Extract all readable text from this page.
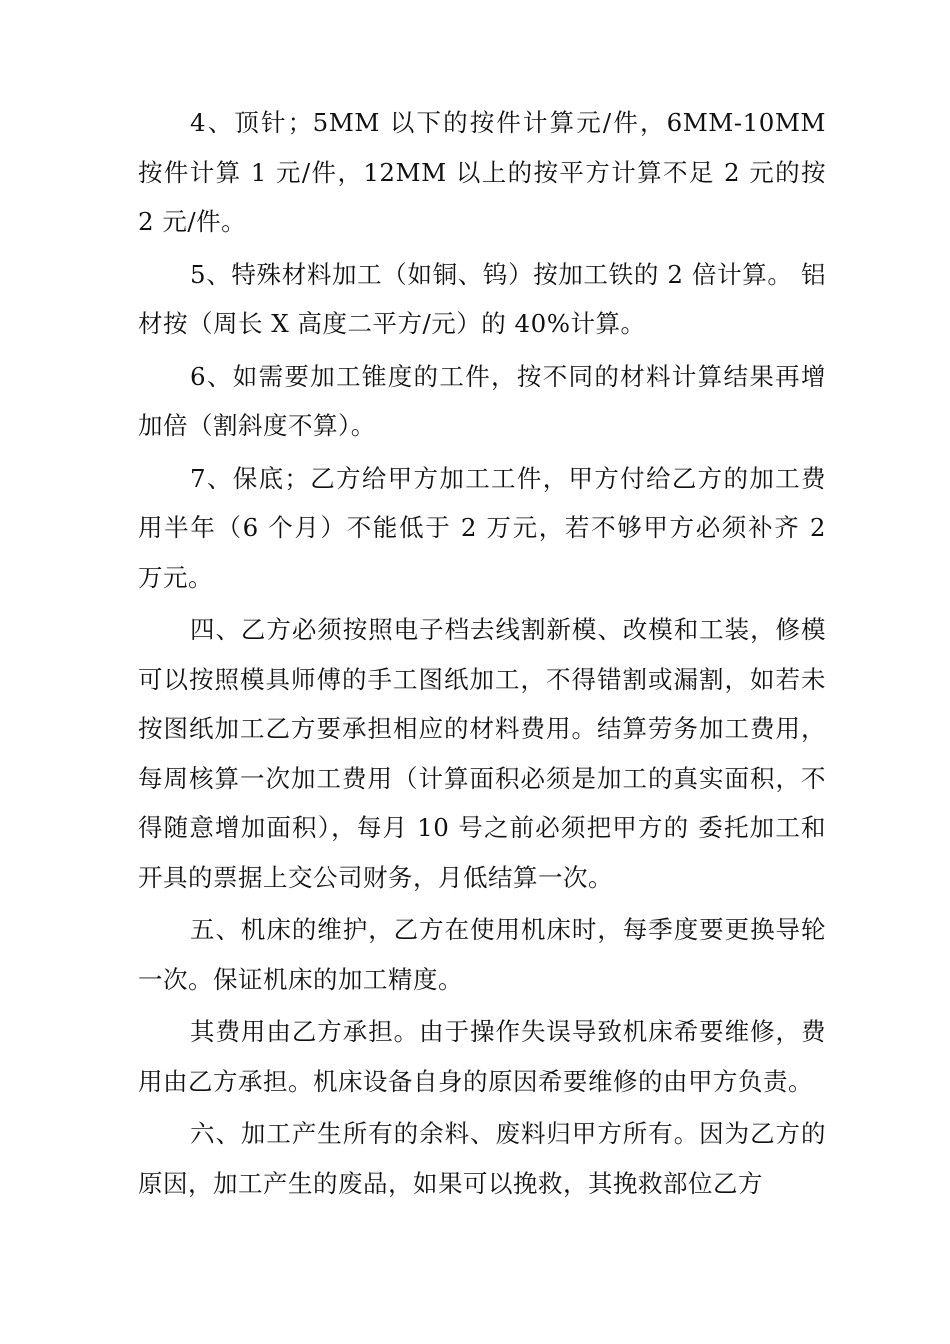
4、顶针；5MM 以下的按件计算元/件，6MM-10MM 按件计算 1 元/件，12MM 以上的按平方计算不足 2 元的按 2 元/件。

5、特殊材料加工（如铜、钨）按加工铁的 2 倍计算。 铝材按（周长 X 高度二平方/元）的 40%计算。

6、如需要加工锥度的工件，按不同的材料计算结果再增加倍（割斜度不算）。

7、保底；乙方给甲方加工工件，甲方付给乙方的加工费用半年（6 个月）不能低于 2 万元，若不够甲方必须补齐 2 万元。

四、乙方必须按照电子档去线割新模、改模和工装，修模可以按照模具师傅的手工图纸加工，不得错割或漏割，如若未按图纸加工乙方要承担相应的材料费用。结算劳务加工费用，每周核算一次加工费用（计算面积必须是加工的真实面积，不得随意增加面积），每月 10 号之前必须把甲方的 委托加工和开具的票据上交公司财务，月低结算一次。

五、机床的维护，乙方在使用机床时，每季度要更换导轮一次。保证机床的加工精度。

其费用由乙方承担。由于操作失误导致机床希要维修，费用由乙方承担。机床设备自身的原因希要维修的由甲方负责。

六、加工产生所有的余料、废料归甲方所有。因为乙方的原因，加工产生的废品，如果可以挽救，其挽救部位乙方
